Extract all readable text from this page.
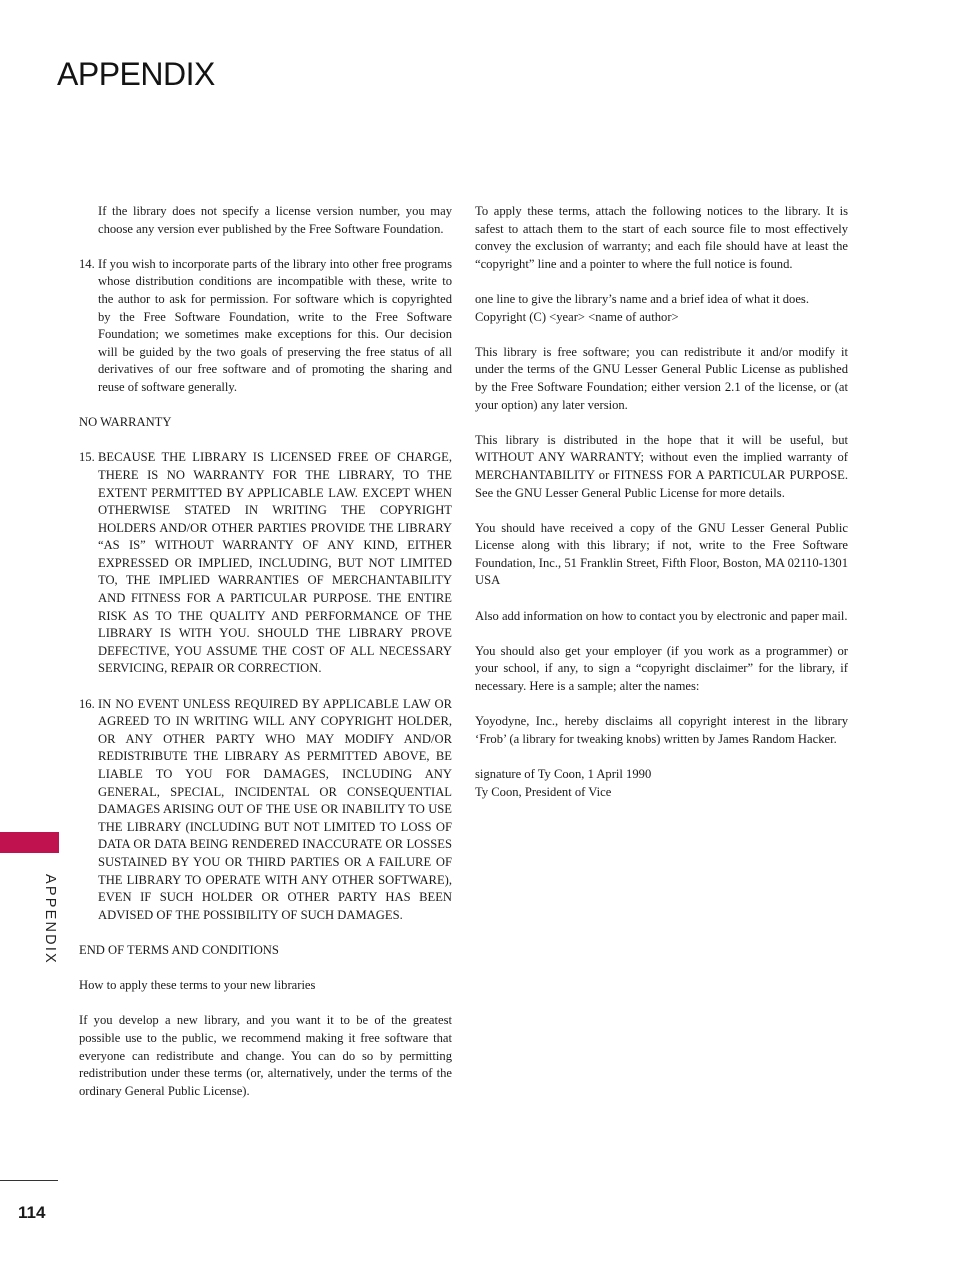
APPENDIX

If the library does not specify a license version number, you may choose any version ever published by the Free Software Foundation.

14. If you wish to incorporate parts of the library into other free programs whose distribution conditions are incompatible with these, write to the author to ask for permission. For software which is copyrighted by the Free Software Foundation, write to the Free Software Foundation; we sometimes make exceptions for this. Our decision will be guided by the two goals of preserving the free status of all derivatives of our free software and of promoting the sharing and reuse of software generally.

NO WARRANTY

15. BECAUSE THE LIBRARY IS LICENSED FREE OF CHARGE, THERE IS NO WARRANTY FOR THE LIBRARY, TO THE EXTENT PERMITTED BY APPLICABLE LAW. EXCEPT WHEN OTHERWISE STATED IN WRITING THE COPYRIGHT HOLDERS AND/OR OTHER PARTIES PROVIDE THE LIBRARY “AS IS” WITHOUT WARRANTY OF ANY KIND, EITHER EXPRESSED OR IMPLIED, INCLUDING, BUT NOT LIMITED TO, THE IMPLIED WARRANTIES OF MERCHANTABILITY AND FITNESS FOR A PARTICULAR PURPOSE. THE ENTIRE RISK AS TO THE QUALITY AND PERFORMANCE OF THE LIBRARY IS WITH YOU. SHOULD THE LIBRARY PROVE DEFECTIVE, YOU ASSUME THE COST OF ALL NECESSARY SERVICING, REPAIR OR CORRECTION.
16. IN NO EVENT UNLESS REQUIRED BY APPLICABLE LAW OR AGREED TO IN WRITING WILL ANY COPYRIGHT HOLDER, OR ANY OTHER PARTY WHO MAY MODIFY AND/OR REDISTRIBUTE THE LIBRARY AS PERMITTED ABOVE, BE LIABLE TO YOU FOR DAMAGES, INCLUDING ANY GENERAL, SPECIAL, INCIDENTAL OR CONSEQUENTIAL DAMAGES ARISING OUT OF THE USE OR INABILITY TO USE THE LIBRARY (INCLUDING BUT NOT LIMITED TO LOSS OF DATA OR DATA BEING RENDERED INACCURATE OR LOSSES SUSTAINED BY YOU OR THIRD PARTIES OR A FAILURE OF THE LIBRARY TO OPERATE WITH ANY OTHER SOFTWARE), EVEN IF SUCH HOLDER OR OTHER PARTY HAS BEEN ADVISED OF THE POSSIBILITY OF SUCH DAMAGES.

END OF TERMS AND CONDITIONS

How to apply these terms to your new libraries

If you develop a new library, and you want it to be of the greatest possible use to the public, we recommend making it free software that everyone can redistribute and change. You can do so by permitting redistribution under these terms (or, alternatively, under the terms of the ordinary General Public License).

To apply these terms, attach the following notices to the library. It is safest to attach them to the start of each source file to most effectively convey the exclusion of warranty; and each file should have at least the “copyright” line and a pointer to where the full notice is found.

one line to give the library’s name and a brief idea of what it does.
Copyright (C) <year> <name of author>

This library is free software; you can redistribute it and/or modify it under the terms of the GNU Lesser General Public License as published by the Free Software Foundation; either version 2.1 of the license, or (at your option) any later version.

This library is distributed in the hope that it will be useful, but WITHOUT ANY WARRANTY; without even the implied warranty of MERCHANTABILITY or FITNESS FOR A PARTICULAR PURPOSE. See the GNU Lesser General Public License for more details.

You should have received a copy of the GNU Lesser General Public License along with this library; if not, write to the Free Software Foundation, Inc., 51 Franklin Street, Fifth Floor, Boston, MA 02110-1301 USA

Also add information on how to contact you by electronic and paper mail.

You should also get your employer (if you work as a programmer) or your school, if any, to sign a “copyright disclaimer” for the library, if necessary. Here is a sample; alter the names:

Yoyodyne, Inc., hereby disclaims all copyright interest in the library ‘Frob’ (a library for tweaking knobs) written by James Random Hacker.

signature of Ty Coon, 1 April 1990
Ty Coon, President of Vice
APPENDIX
114
